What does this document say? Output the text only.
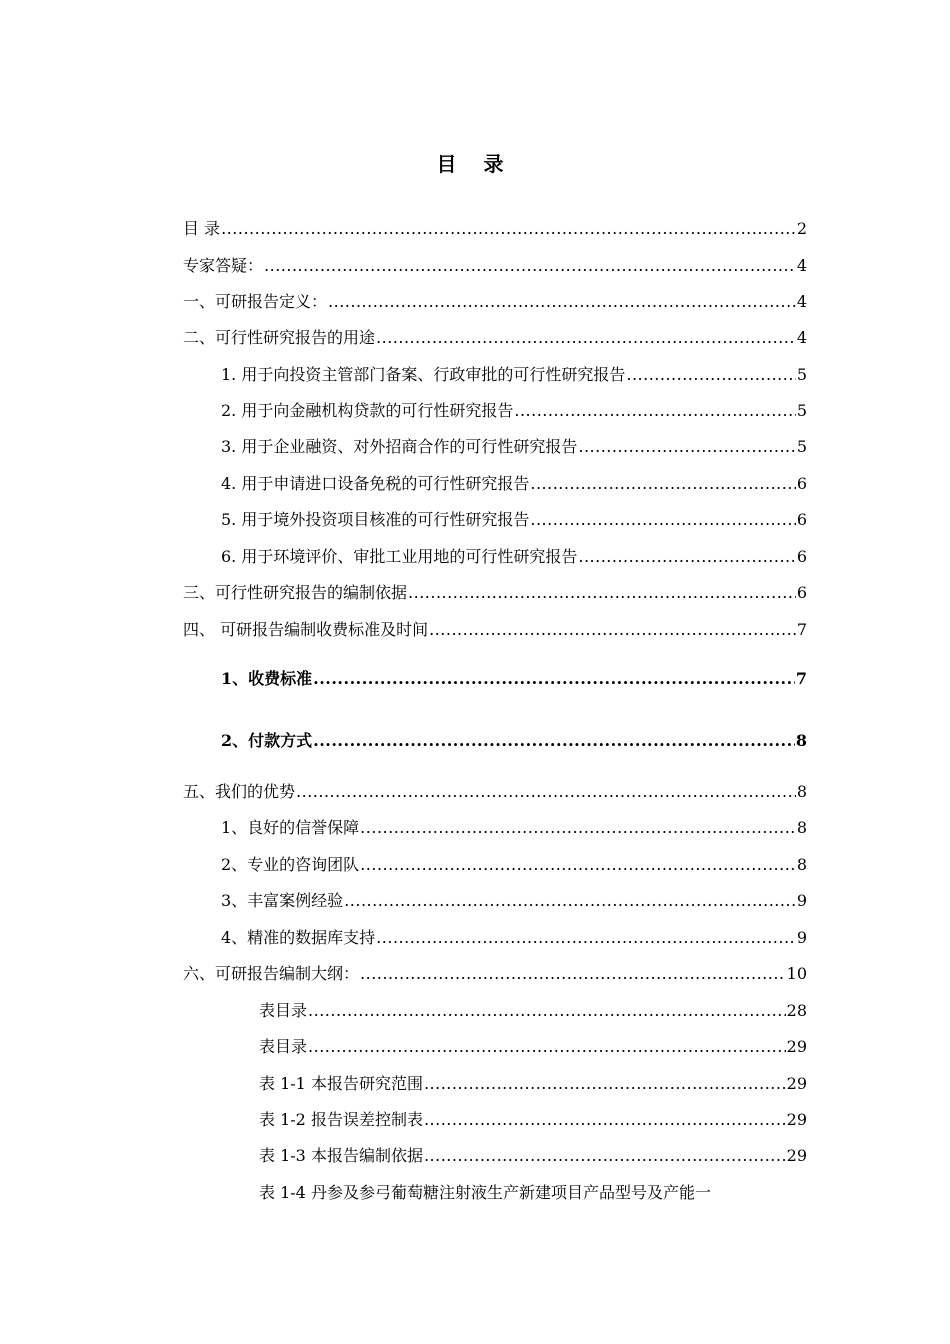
目 录
目 录 .....	2
专家答疑： .....	4
一、可研报告定义： .....	4
二、可行性研究报告的用途 .....	4
1. 用于向投资主管部门备案、行政审批的可行性研究报告 .....	5
2. 用于向金融机构贷款的可行性研究报告 .....	5
3. 用于企业融资、对外招商合作的可行性研究报告 .....	5
4. 用于申请进口设备免税的可行性研究报告 .....	6
5. 用于境外投资项目核准的可行性研究报告 .....	6
6. 用于环境评价、审批工业用地的可行性研究报告 .....	6
三、可行性研究报告的编制依据 .....	6
四、 可研报告编制收费标准及时间 .....	7
1、收费标准 .....	7
2、付款方式 .....	8
五、我们的优势 .....	8
1、良好的信誉保障 .....	8
2、专业的咨询团队 .....	8
3、丰富案例经验 .....	9
4、精准的数据库支持 .....	9
六、可研报告编制大纲： .....	10
表目录 .....	28
表目录 .....	29
表 1-1 本报告研究范围 .....	29
表 1-2 报告误差控制表 .....	29
表 1-3 本报告编制依据 .....	29
表 1-4 丹参及参弓葡萄糖注射液生产新建项目产品型号及产能一
